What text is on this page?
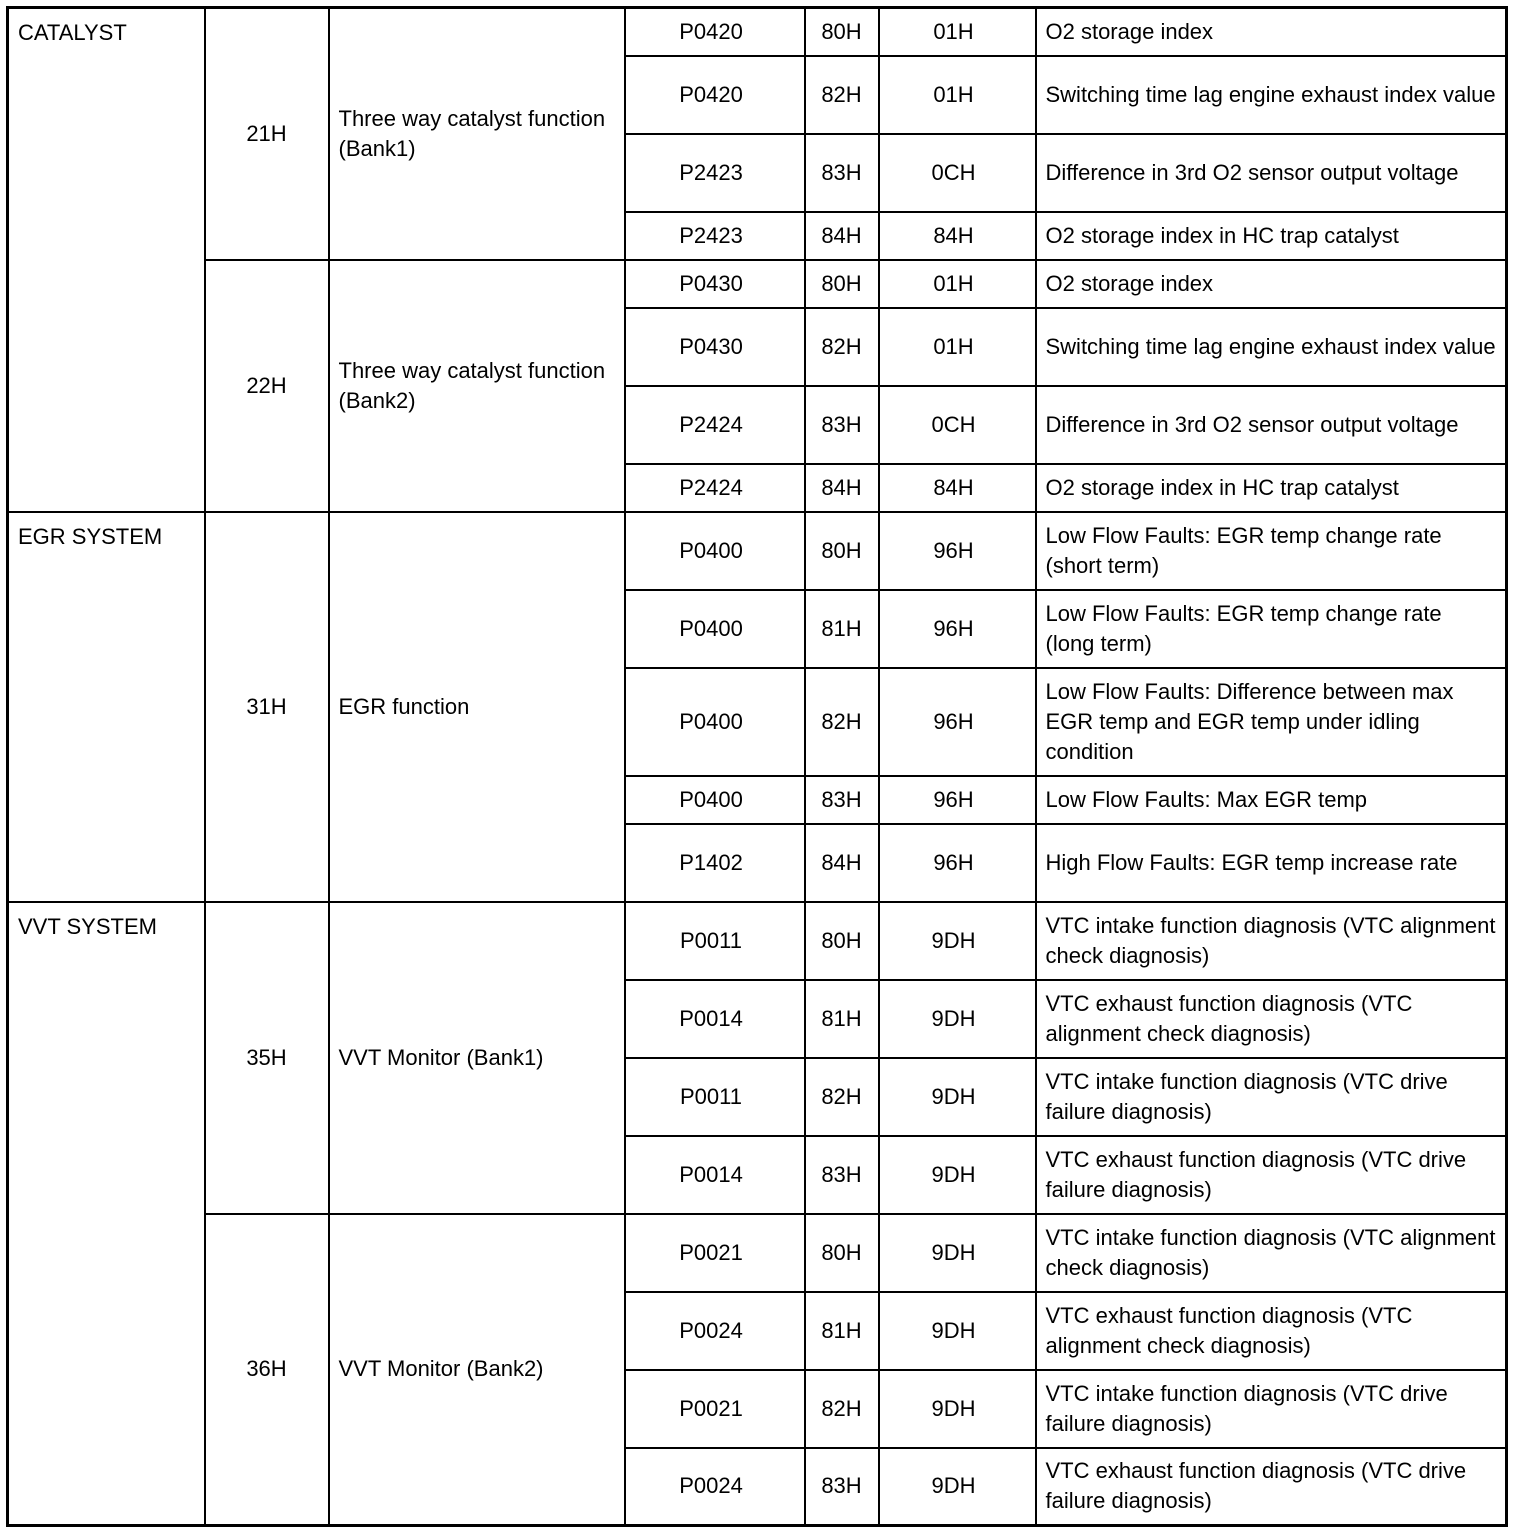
CATALYST	21H	Three way catalyst function (Bank1)	P0420	80H	01H	O2 storage index
			P0420	82H	01H	Switching time lag engine exhaust index value
			P2423	83H	0CH	Difference in 3rd O2 sensor output voltage
			P2423	84H	84H	O2 storage index in HC trap catalyst
	22H	Three way catalyst function (Bank2)	P0430	80H	01H	O2 storage index
			P0430	82H	01H	Switching time lag engine exhaust index value
			P2424	83H	0CH	Difference in 3rd O2 sensor output voltage
			P2424	84H	84H	O2 storage index in HC trap catalyst
EGR SYSTEM	31H	EGR function	P0400	80H	96H	Low Flow Faults: EGR temp change rate (short term)
			P0400	81H	96H	Low Flow Faults: EGR temp change rate (long term)
			P0400	82H	96H	Low Flow Faults: Difference between max EGR temp and EGR temp under idling condition
			P0400	83H	96H	Low Flow Faults: Max EGR temp
			P1402	84H	96H	High Flow Faults: EGR temp increase rate
VVT SYSTEM	35H	VVT Monitor (Bank1)	P0011	80H	9DH	VTC intake function diagnosis (VTC alignment check diagnosis)
			P0014	81H	9DH	VTC exhaust function diagnosis (VTC alignment check diagnosis)
			P0011	82H	9DH	VTC intake function diagnosis (VTC drive failure diagnosis)
			P0014	83H	9DH	VTC exhaust function diagnosis (VTC drive failure diagnosis)
	36H	VVT Monitor (Bank2)	P0021	80H	9DH	VTC intake function diagnosis (VTC alignment check diagnosis)
			P0024	81H	9DH	VTC exhaust function diagnosis (VTC alignment check diagnosis)
			P0021	82H	9DH	VTC intake function diagnosis (VTC drive failure diagnosis)
			P0024	83H	9DH	VTC exhaust function diagnosis (VTC drive failure diagnosis)
